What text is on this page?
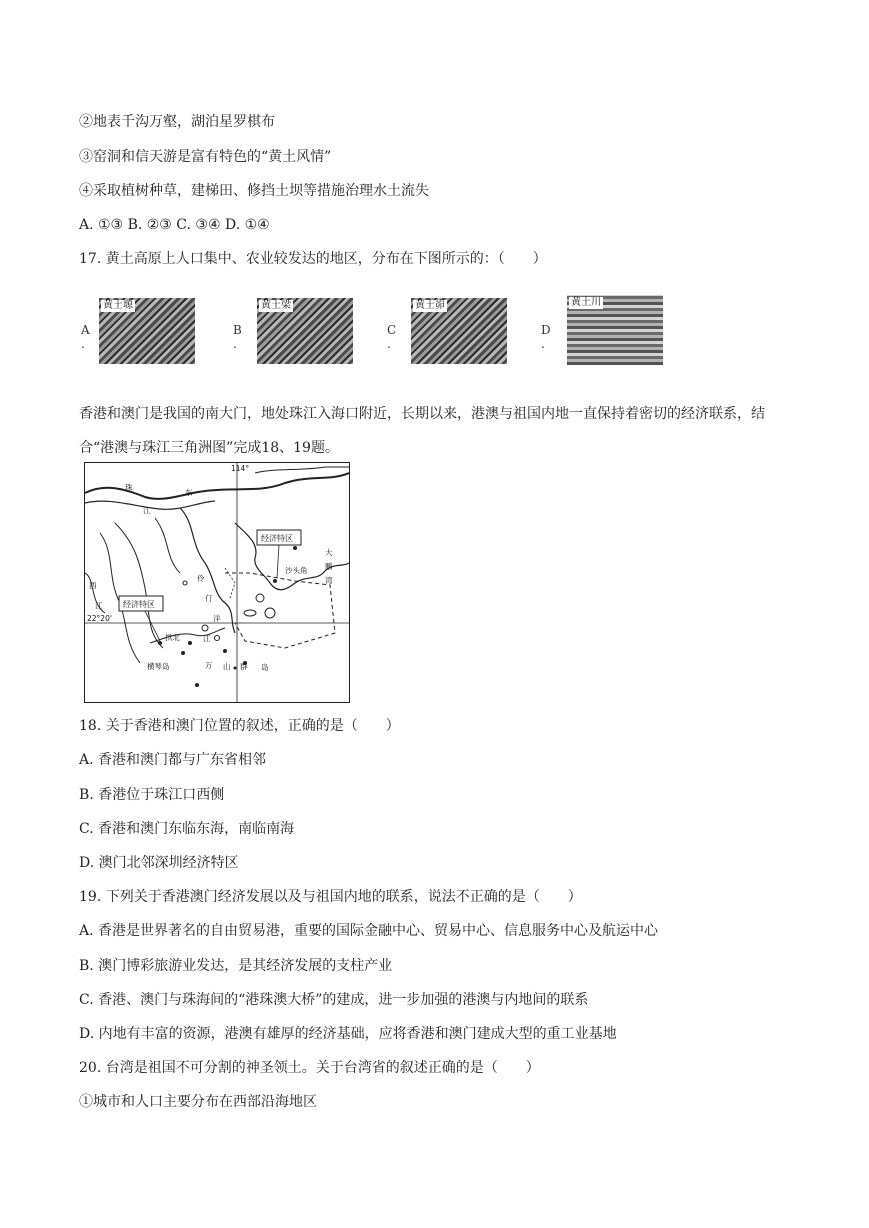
②地表千沟万壑，湖泊星罗棋布
③窑洞和信天游是富有特色的“黄土风情”
④采取植树种草，建梯田、修挡土坝等措施治理水土流失
A. ①③ B. ②③ C. ③④ D. ①④
17. 黄土高原上人口集中、农业较发达的地区，分布在下图所示的：（　　）
A .
黄土塬
B .
黄土梁
C .
黄土峁
D .
黄土川
香港和澳门是我国的南大门，地处珠江入海口附近，长期以来，港澳与祖国内地一直保持着密切的经济联系，结合“港澳与珠江三角洲图”完成18、19题。
114°
22°20'
经济特区
经济特区
珠
江
东
伶
仃
洋
西
江
沙头角
大
鹏
湾
拱北
横琴岛	万 山 群 岛
江
18. 关于香港和澳门位置的叙述，正确的是（　　）
A. 香港和澳门都与广东省相邻
B. 香港位于珠江口西侧
C. 香港和澳门东临东海，南临南海
D. 澳门北邻深圳经济特区
19. 下列关于香港澳门经济发展以及与祖国内地的联系，说法不正确的是（　　）
A. 香港是世界著名的自由贸易港，重要的国际金融中心、贸易中心、信息服务中心及航运中心
B. 澳门博彩旅游业发达，是其经济发展的支柱产业
C. 香港、澳门与珠海间的“港珠澳大桥”的建成，进一步加强的港澳与内地间的联系
D. 内地有丰富的资源，港澳有雄厚的经济基础，应将香港和澳门建成大型的重工业基地
20. 台湾是祖国不可分割的神圣领土。关于台湾省的叙述正确的是（　　）
①城市和人口主要分布在西部沿海地区
